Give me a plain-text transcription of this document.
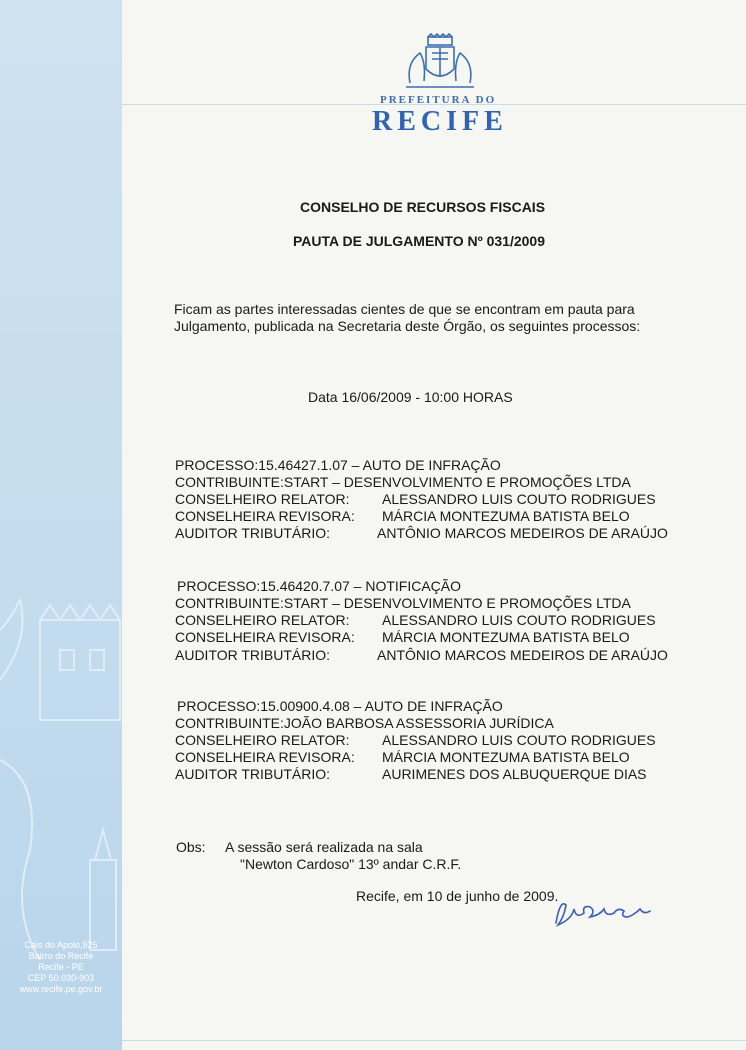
Cais do Apolo,925
Bairro do Recife
Recife - PE
CEP 50.030-903
www.recife.pe.gov.br
PREFEITURA DO
RECIFE
CONSELHO DE RECURSOS FISCAIS
PAUTA DE JULGAMENTO Nº 031/2009
Ficam as partes interessadas cientes de que se encontram em pauta para
Julgamento, publicada na Secretaria deste Órgão, os seguintes processos:
Data 16/06/2009 - 10:00 HORAS
PROCESSO:15.46427.1.07 – AUTO DE INFRAÇÃO
CONTRIBUINTE:START – DESENVOLVIMENTO E PROMOÇÕES LTDA
CONSELHEIRO RELATOR: ALESSANDRO LUIS COUTO RODRIGUES
CONSELHEIRA REVISORA: MÁRCIA MONTEZUMA BATISTA BELO
AUDITOR TRIBUTÁRIO:	ANTÔNIO MARCOS MEDEIROS DE ARAÚJO
PROCESSO:15.46420.7.07 – NOTIFICAÇÃO
CONTRIBUINTE:START – DESENVOLVIMENTO E PROMOÇÕES LTDA
CONSELHEIRO RELATOR: ALESSANDRO LUIS COUTO RODRIGUES
CONSELHEIRA REVISORA: MÁRCIA MONTEZUMA BATISTA BELO
AUDITOR TRIBUTÁRIO:	ANTÔNIO MARCOS MEDEIROS DE ARAÚJO
PROCESSO:15.00900.4.08 – AUTO DE INFRAÇÃO
CONTRIBUINTE:JOÃO BARBOSA ASSESSORIA JURÍDICA
CONSELHEIRO RELATOR: ALESSANDRO LUIS COUTO RODRIGUES
CONSELHEIRA REVISORA: MÁRCIA MONTEZUMA BATISTA BELO
AUDITOR TRIBUTÁRIO:	AURIMENES DOS ALBUQUERQUE DIAS
Obs: A sessão será realizada na sala
"Newton Cardoso" 13º andar C.R.F.
Recife, em 10 de junho de 2009.
